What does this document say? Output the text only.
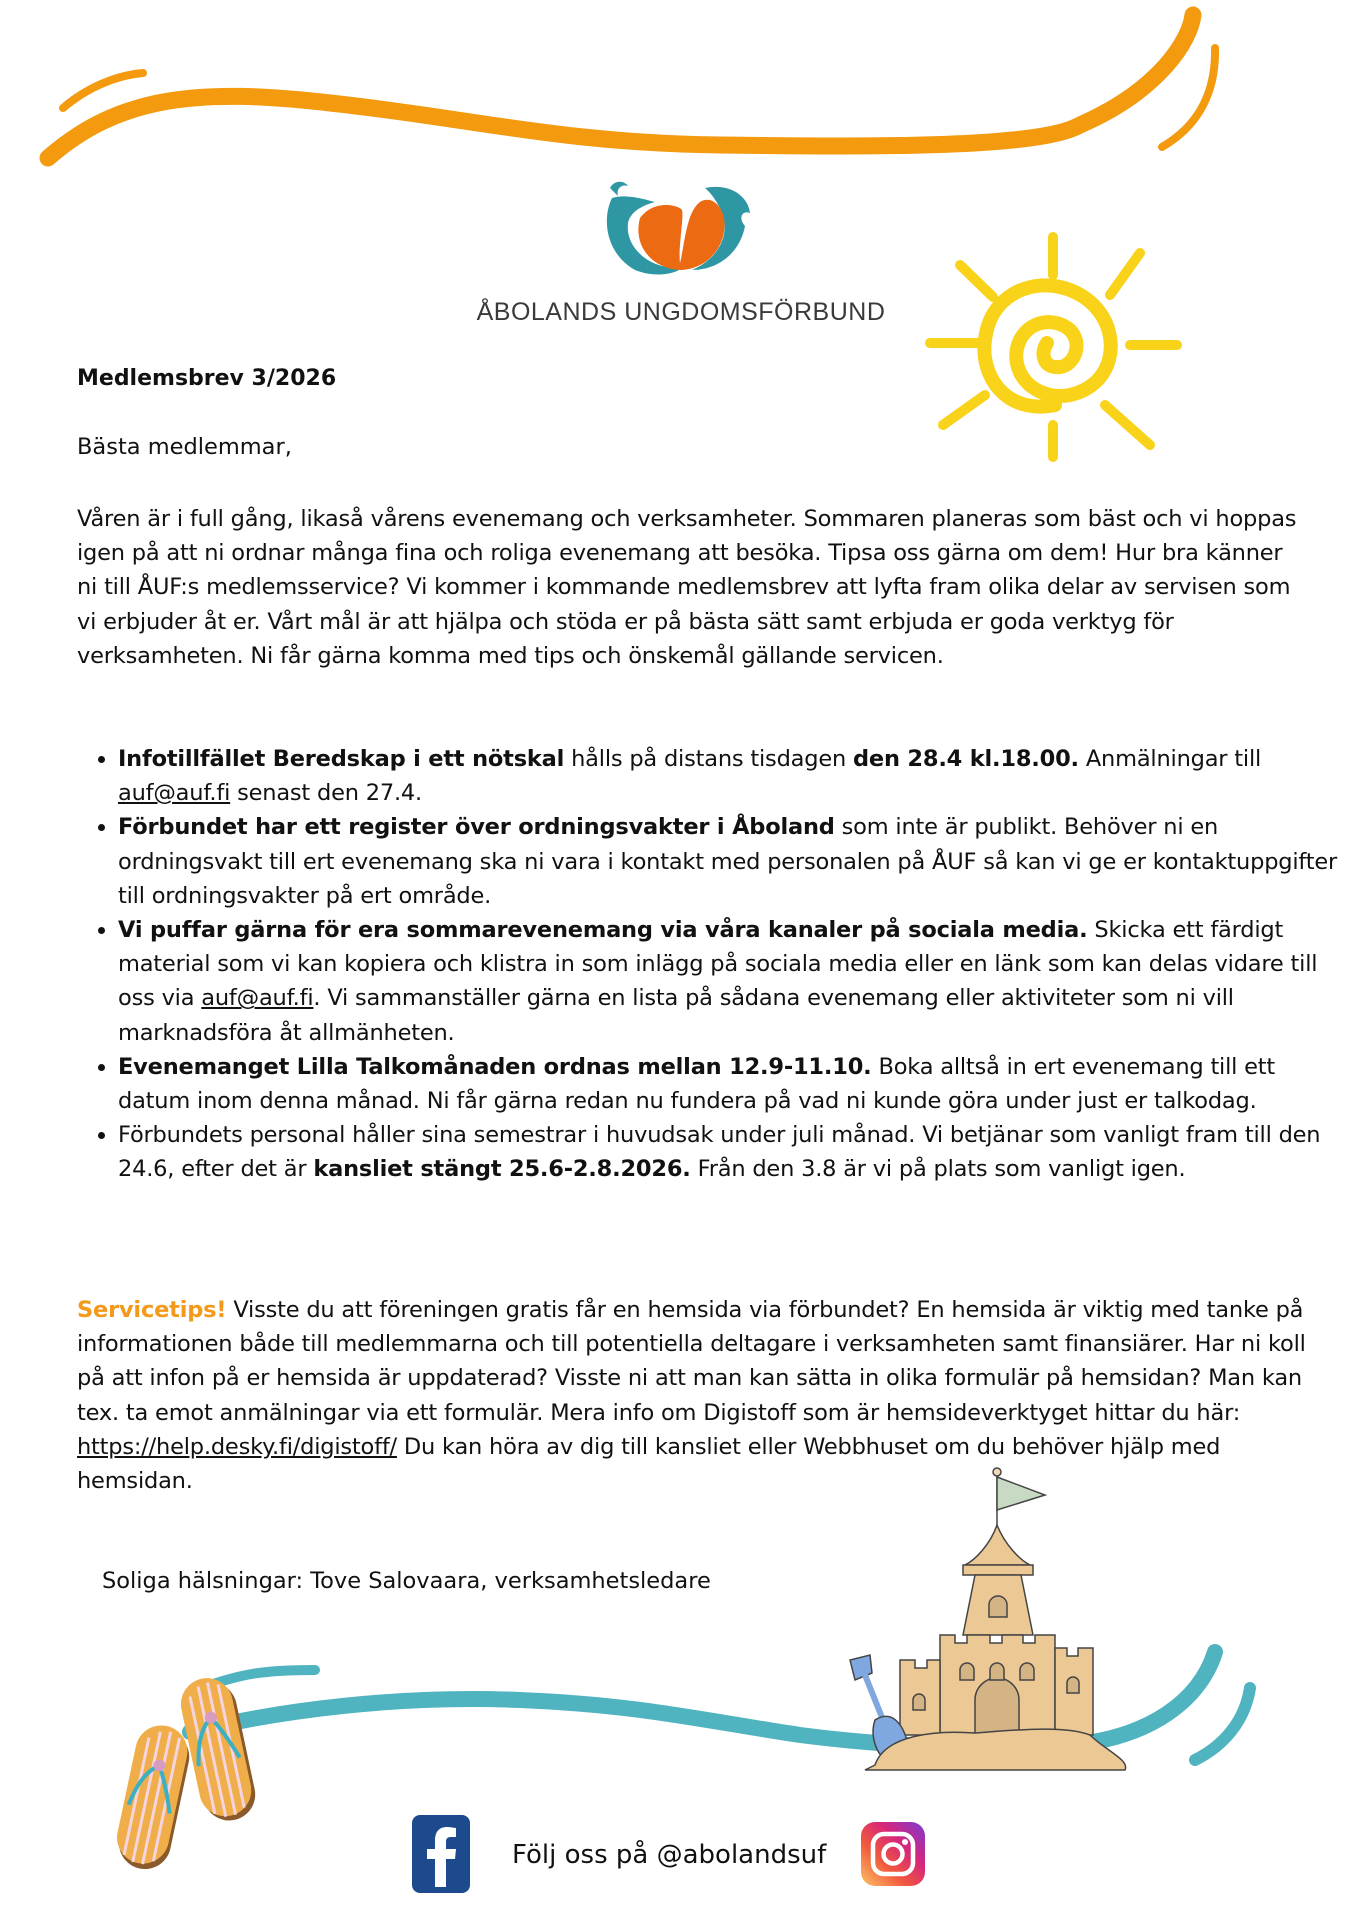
ÅBOLANDS UNGDOMSFÖRBUND
Medlemsbrev 3/2026
Bästa medlemmar,
Våren är i full gång, likaså vårens evenemang och verksamheter. Sommaren planeras som bäst och vi hoppas igen på att ni ordnar många fina och roliga evenemang att besöka. Tipsa oss gärna om dem! Hur bra känner ni till ÅUF:s medlemsservice? Vi kommer i kommande medlemsbrev att lyfta fram olika delar av servisen som vi erbjuder åt er. Vårt mål är att hjälpa och stöda er på bästa sätt samt erbjuda er goda verktyg för verksamheten. Ni får gärna komma med tips och önskemål gällande servicen.
• Infotillfället Beredskap i ett nötskal hålls på distans tisdagen den 28.4 kl.18.00. Anmälningar till auf@auf.fi senast den 27.4.
• Förbundet har ett register över ordningsvakter i Åboland som inte är publikt. Behöver ni en ordningsvakt till ert evenemang ska ni vara i kontakt med personalen på ÅUF så kan vi ge er kontaktuppgifter till ordningsvakter på ert område.
• Vi puffar gärna för era sommarevenemang via våra kanaler på sociala media. Skicka ett färdigt material som vi kan kopiera och klistra in som inlägg på sociala media eller en länk som kan delas vidare till oss via auf@auf.fi. Vi sammanställer gärna en lista på sådana evenemang eller aktiviteter som ni vill marknadsföra åt allmänheten.
• Evenemanget Lilla Talkomånaden ordnas mellan 12.9-11.10. Boka alltså in ert evenemang till ett datum inom denna månad. Ni får gärna redan nu fundera på vad ni kunde göra under just er talkodag.
• Förbundets personal håller sina semestrar i huvudsak under juli månad. Vi betjänar som vanligt fram till den 24.6, efter det är kansliet stängt 25.6-2.8.2026. Från den 3.8 är vi på plats som vanligt igen.
Servicetips! Visste du att föreningen gratis får en hemsida via förbundet? En hemsida är viktig med tanke på informationen både till medlemmarna och till potentiella deltagare i verksamheten samt finansiärer. Har ni koll på att infon på er hemsida är uppdaterad? Visste ni att man kan sätta in olika formulär på hemsidan? Man kan tex. ta emot anmälningar via ett formulär. Mera info om Digistoff som är hemsideverktyget hittar du här: https://help.desky.fi/digistoff/ Du kan höra av dig till kansliet eller Webbhuset om du behöver hjälp med hemsidan.
Soliga hälsningar: Tove Salovaara, verksamhetsledare
Följ oss på @abolandsuf
